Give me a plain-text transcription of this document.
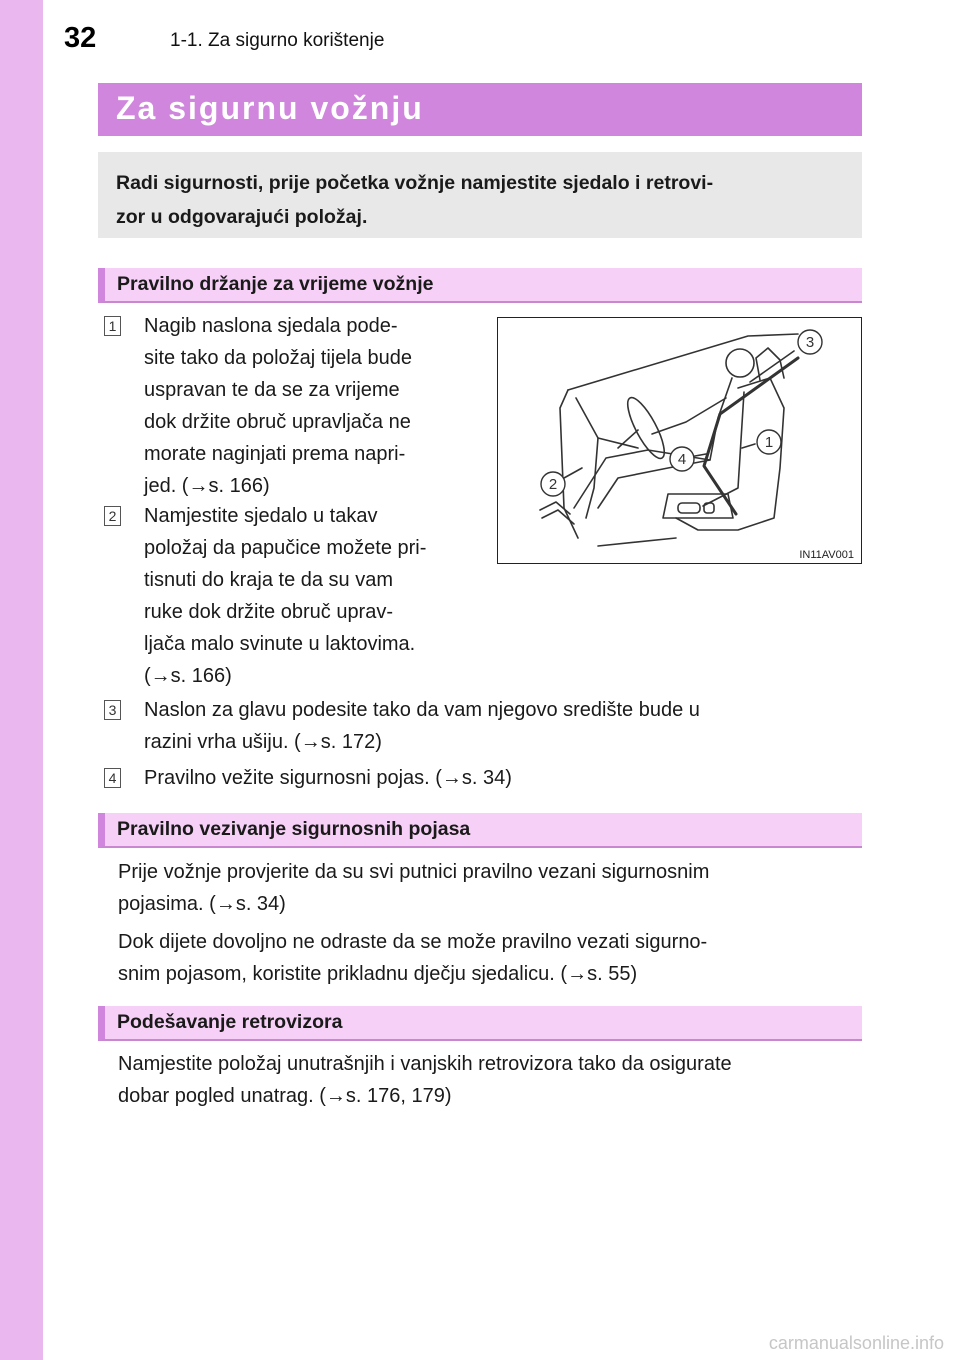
32	1-1. Za sigurno korištenje
Za sigurnu vožnju
Radi sigurnosti, prije početka vožnje namjestite sjedalo i retrovi-
zor u odgovarajući položaj.
Pravilno držanje za vrijeme vožnje
1 Nagib naslona sjedala pode-
site tako da položaj tijela bude
uspravan te da se za vrijeme
dok držite obruč upravljača ne
morate naginjati prema napri-
jed. (→s. 166)
2 Namjestite sjedalo u takav
položaj da papučice možete pri-
tisnuti do kraja te da su vam
ruke dok držite obruč uprav-
ljača malo svinute u laktovima.
(→s. 166)
3 Naslon za glavu podesite tako da vam njegovo središte bude u
razini vrha ušiju. (→s. 172)
4 Pravilno vežite sigurnosni pojas. (→s. 34)
3
1
2
4
IN11AV001
Pravilno vezivanje sigurnosnih pojasa
Prije vožnje provjerite da su svi putnici pravilno vezani sigurnosnim
pojasima. (→s. 34)
Dok dijete dovoljno ne odraste da se može pravilno vezati sigurno-
snim pojasom, koristite prikladnu dječju sjedalicu. (→s. 55)
Podešavanje retrovizora
Namjestite položaj unutrašnjih i vanjskih retrovizora tako da osigurate
dobar pogled unatrag. (→s. 176, 179)
carmanualsonline.info
